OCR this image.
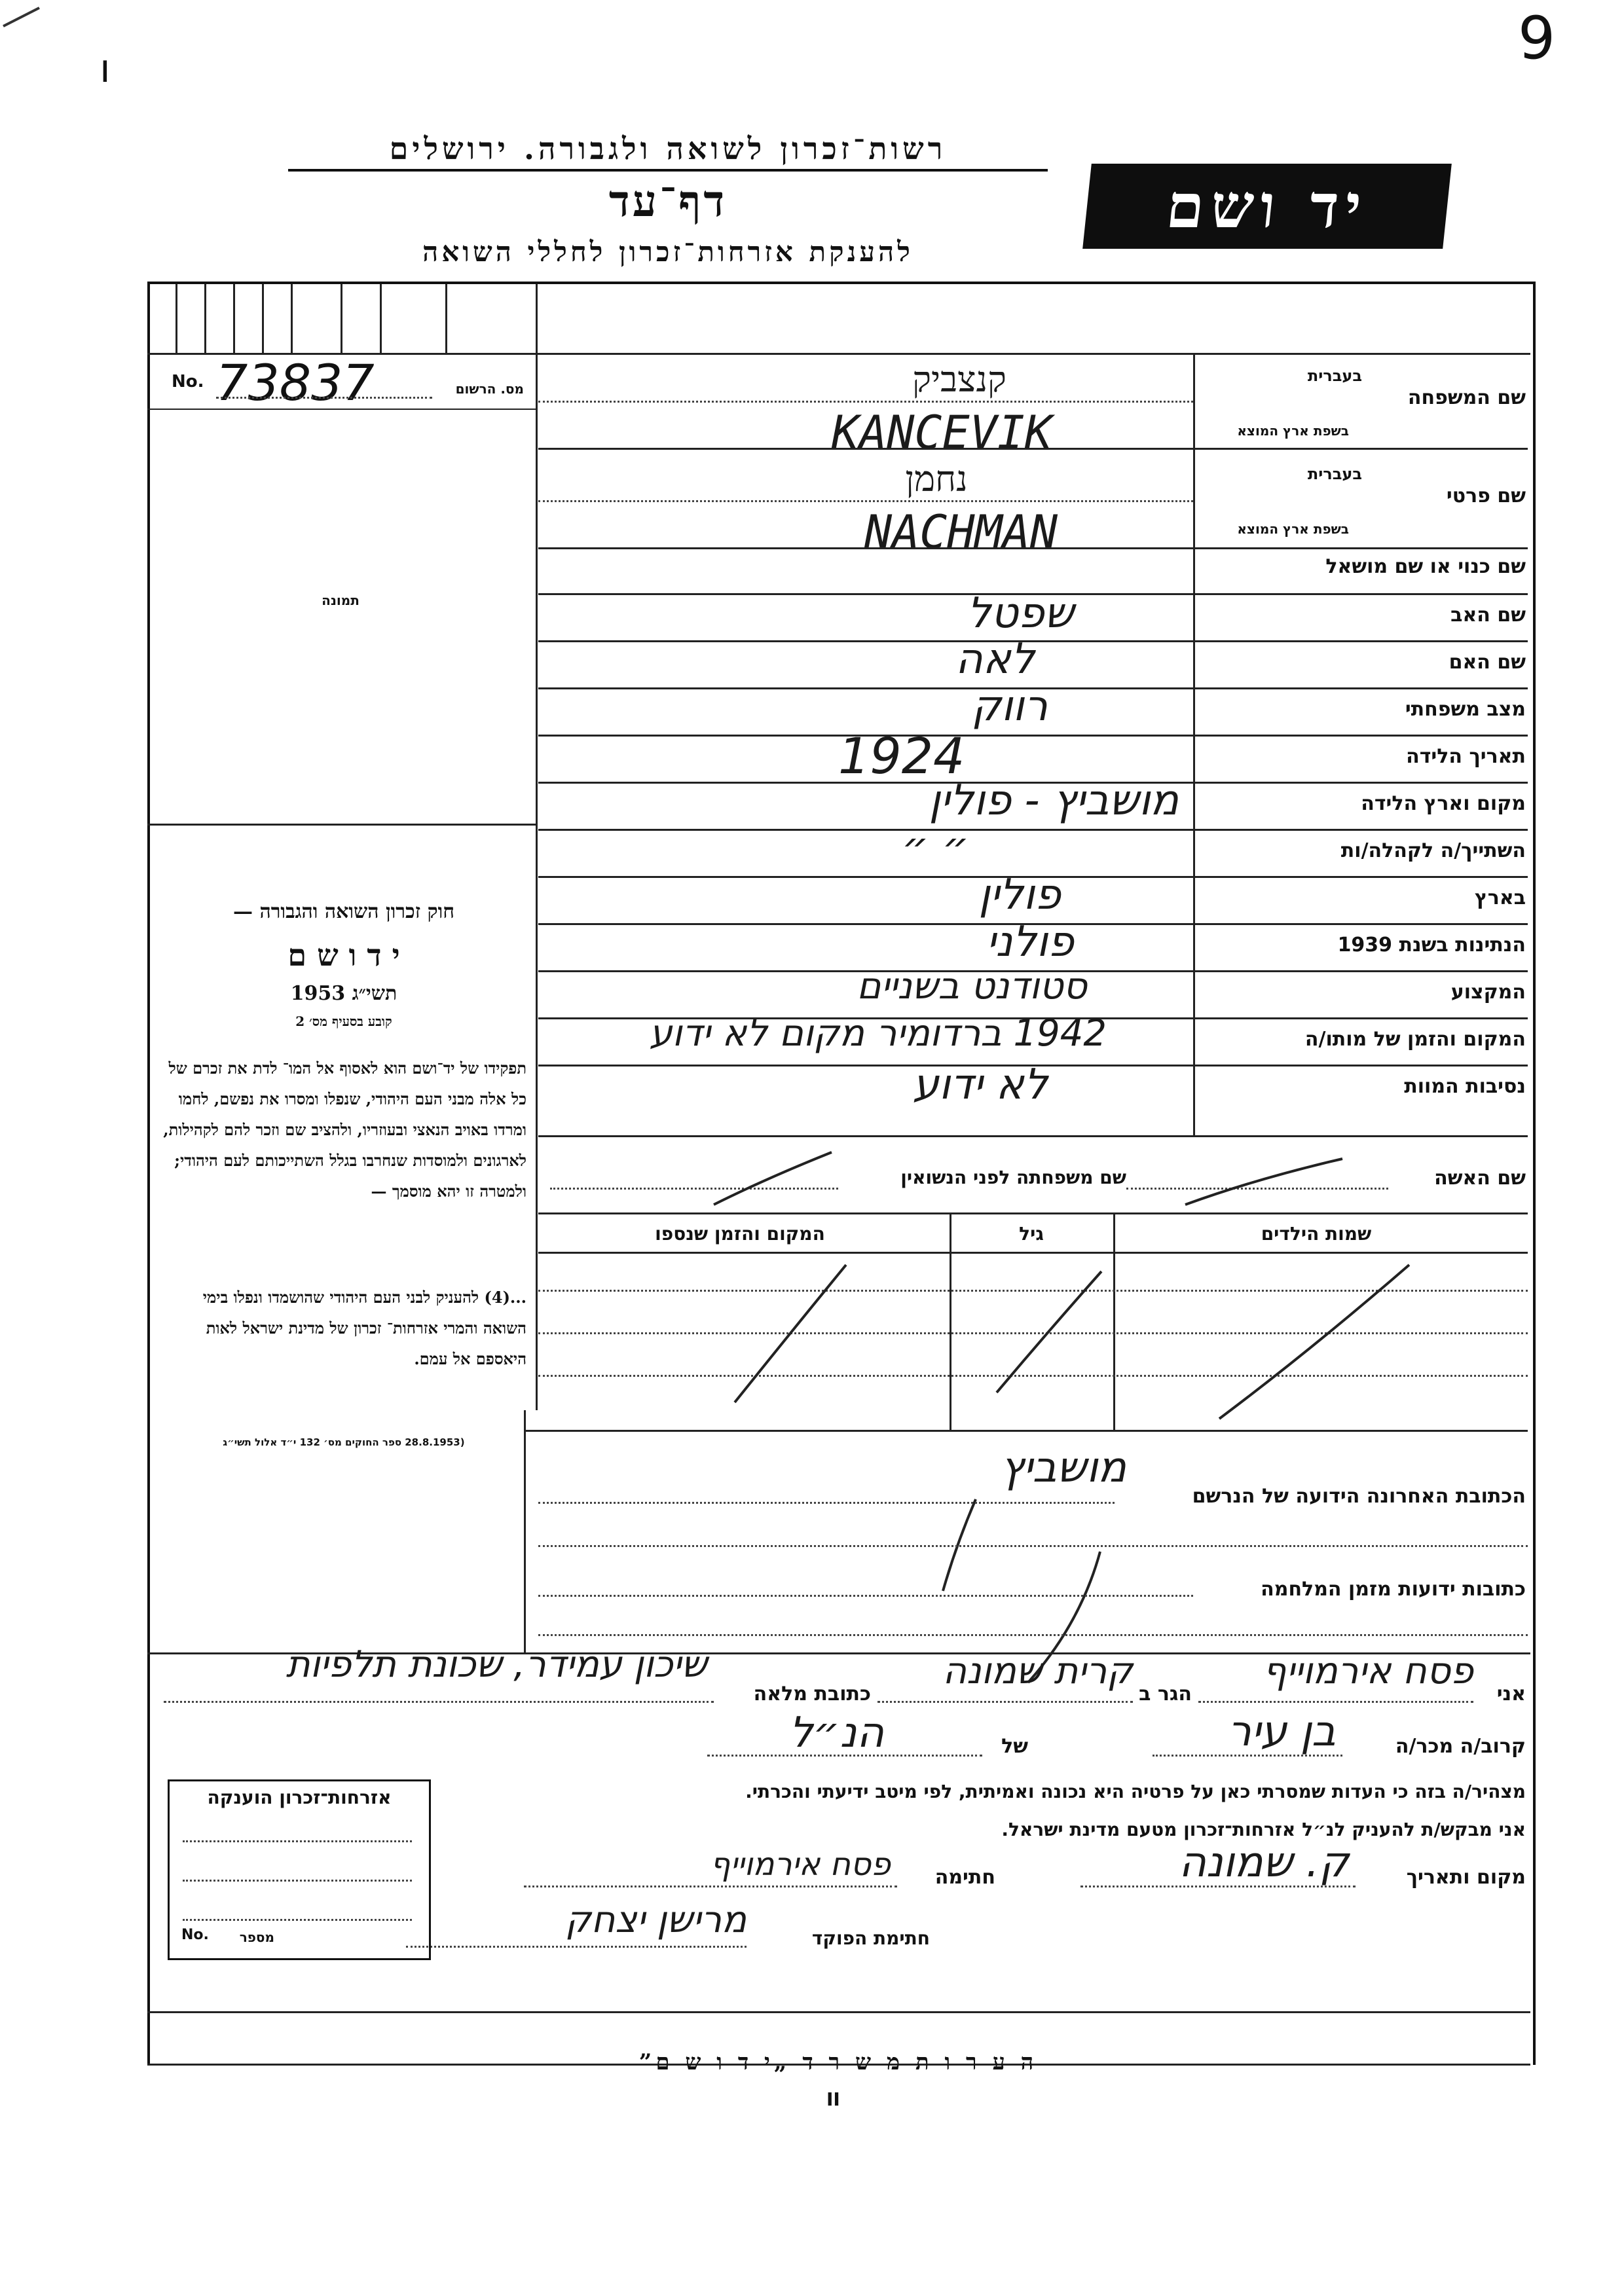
9
ı
רשות־זכרון לשואה ולגבורה. ירושלים
דף־עד
להענקת אזרחות־זכרון לחללי השואה
יד ושם
No. 73837	מס. הרשום
תמונה
חוק זכרון השואה והגבורה —
י ד ו ש ם
תשי״ג 1953
קובע בסעיף מס׳ 2
תפקידו של יד־ושם הוא לאסוף אל המו־ לדת את זכרם של כל אלה מבני העם היהודי, שנפלו ומסרו את נפשם, לחמו ומרדו באויב הנאצי ובעוזריו, ולהציב שם וזכר להם לקהילות, לארגונים ולמוסדות שנחרבו בגלל השתייכותם לעם היהודי; ולמטרה זו יהא מוסמך —
...(4) להעניק לבני העם היהודי שהושמדו ונפלו בימי השואה והמרי אזרחות־ זכרון של מדינת ישראל לאות היאספם אל עמם.
(28.8.1953 ספר החוקים מס׳ 132 י״ד אלול תשי״ג
שם המשפחה
בעברית
בשפת ארץ המוצא
קנצביק
KANCEVIK
שם פרטי
בעברית
בשפת ארץ המוצא
נחמן
NACHMAN
שם כנוי או שם מושאל
שם האב
שפטל
שם האם
לאה
מצב משפחתי
רווק
תאריך הלידה
1924
מקום וארץ הלידה
מושביץ - פולין
השתייך/ה לקהלה/ות
״ ״
בארץ
פולין
הנתינות בשנת 1939
פולני
המקצוע
סטודנט בשניים
המקום והזמן של מותו/ה
1942 ברדומיר מקום לא ידוע
נסיבות המוות
לא ידוע
שם האשה
שם משפחתה לפני הנשואין
שמות הילדים
גיל
המקום והזמן שנספו
הכתובת האחרונה הידועה של הנרשם
מושביץ
כתובות ידועות מזמן המלחמה
אני
פסח אירמוייף
הגר ב
קרית שמונה
כתובת מלאה
שיכון עמידר, שכונת תלפיות
קרוב/ה מכר/ה
בן עיר
של
הנ״ל
מצהיר/ה בזה כי העדות שמסרתי כאן על פרטיה היא נכונה ואמיתית, לפי מיטב ידיעתי והכרתי.
אני מבקש/ת להעניק לנ״ל אזרחות־זכרון מטעם מדינת ישראל.
מקום ותאריך
ק. שמונה
חתימה
פסח אירמוייף
חתימת הפוקד
מרישן יצחק
אזרחות־זכרון הוענקה
No.	מספר
ה ע ר ו ת מ ש ר ד „י ד ו ש ם”
II
